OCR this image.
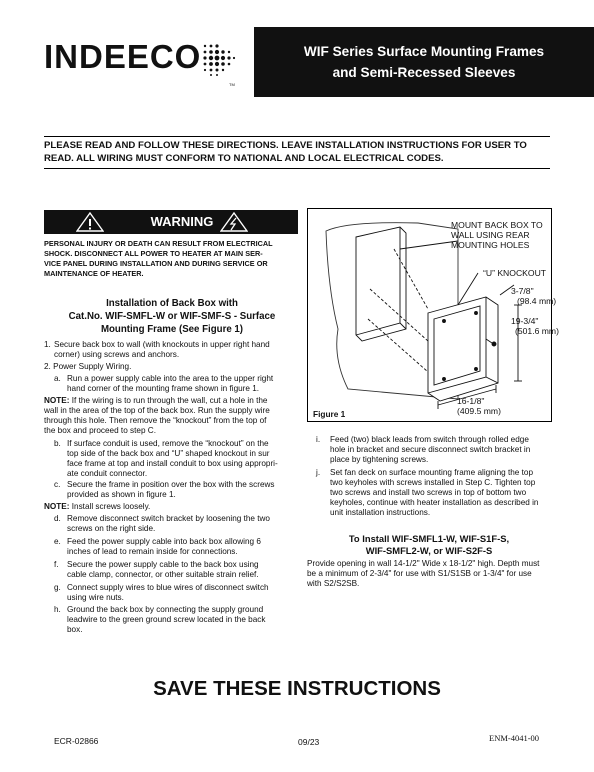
INDEECO
TM
WIF Series Surface Mounting Frames
and Semi-Recessed Sleeves
PLEASE READ AND FOLLOW THESE DIRECTIONS. LEAVE INSTALLATION INSTRUCTIONS FOR USER TO
READ. ALL WIRING MUST CONFORM TO NATIONAL AND LOCAL ELECTRICAL CODES.
WARNING
PERSONAL INJURY OR DEATH CAN RESULT FROM ELECTRICAL
SHOCK. DISCONNECT ALL POWER TO HEATER AT MAIN SER-
VICE PANEL DURING INSTALLATION AND DURING SERVICE OR
MAINTENANCE OF HEATER.
Installation of Back Box with
Cat.No. WIF-SMFL-W or WIF-SMF-S - Surface
Mounting Frame (See Figure 1)
1. Secure back box to wall (with knockouts in upper right hand
corner) using screws and anchors.
2. Power Supply Wiring.
a. Run a power supply cable into the area to the upper right
hand corner of the mounting frame shown in figure 1.
NOTE: If the wiring is to run through the wall, cut a hole in the
wall in the area of the top of the back box. Run the supply wire
through this hole. Then remove the “knockout” from the top of
the box and proceed to step C.
b. If surface conduit is used, remove the “knockout” on the
top side of the back box and “U” shaped knockout in sur
face frame at top and install conduit to box using appropri-
ate conduit connector.
c. Secure the frame in position over the box with the screws
provided as shown in figure 1.
NOTE: Install screws loosely.
d. Remove disconnect switch bracket by loosening the two
screws on the right side.
e. Feed the power supply cable into back box allowing 6
inches of lead to remain inside for connections.
f. Secure the power supply cable to the back box using
cable clamp, connector, or other suitable strain relief.
g. Connect supply wires to blue wires of disconnect switch
using wire nuts.
h. Ground the back box by connecting the supply ground
leadwire to the green ground screw located in the back
box.
MOUNT BACK BOX TO
WALL USING REAR
MOUNTING HOLES
“U” KNOCKOUT
3-7/8"
(98.4 mm)
19-3/4"
(501.6 mm)
16-1/8"
(409.5 mm)
Figure 1
i. Feed (two) black leads from switch through rolled edge
hole in bracket and secure disconnect switch bracket in
place by tightening screws.
j. Set fan deck on surface mounting frame aligning the top
two keyholes with screws installed in Step C. Tighten top
two screws and install two screws in top of bottom two
keyholes, continue with heater installation as described in
unit installation instructions.
To Install WIF-SMFL1-W, WIF-S1F-S,
WIF-SMFL2-W, or WIF-S2F-S
Provide opening in wall 14-1/2" Wide x 18-1/2" high. Depth must
be a minimum of 2-3/4" for use with S1/S1SB or 1-3/4" for use
with S2/S2SB.
SAVE THESE INSTRUCTIONS
ECR-02866	09/23	ENM-4041-00
